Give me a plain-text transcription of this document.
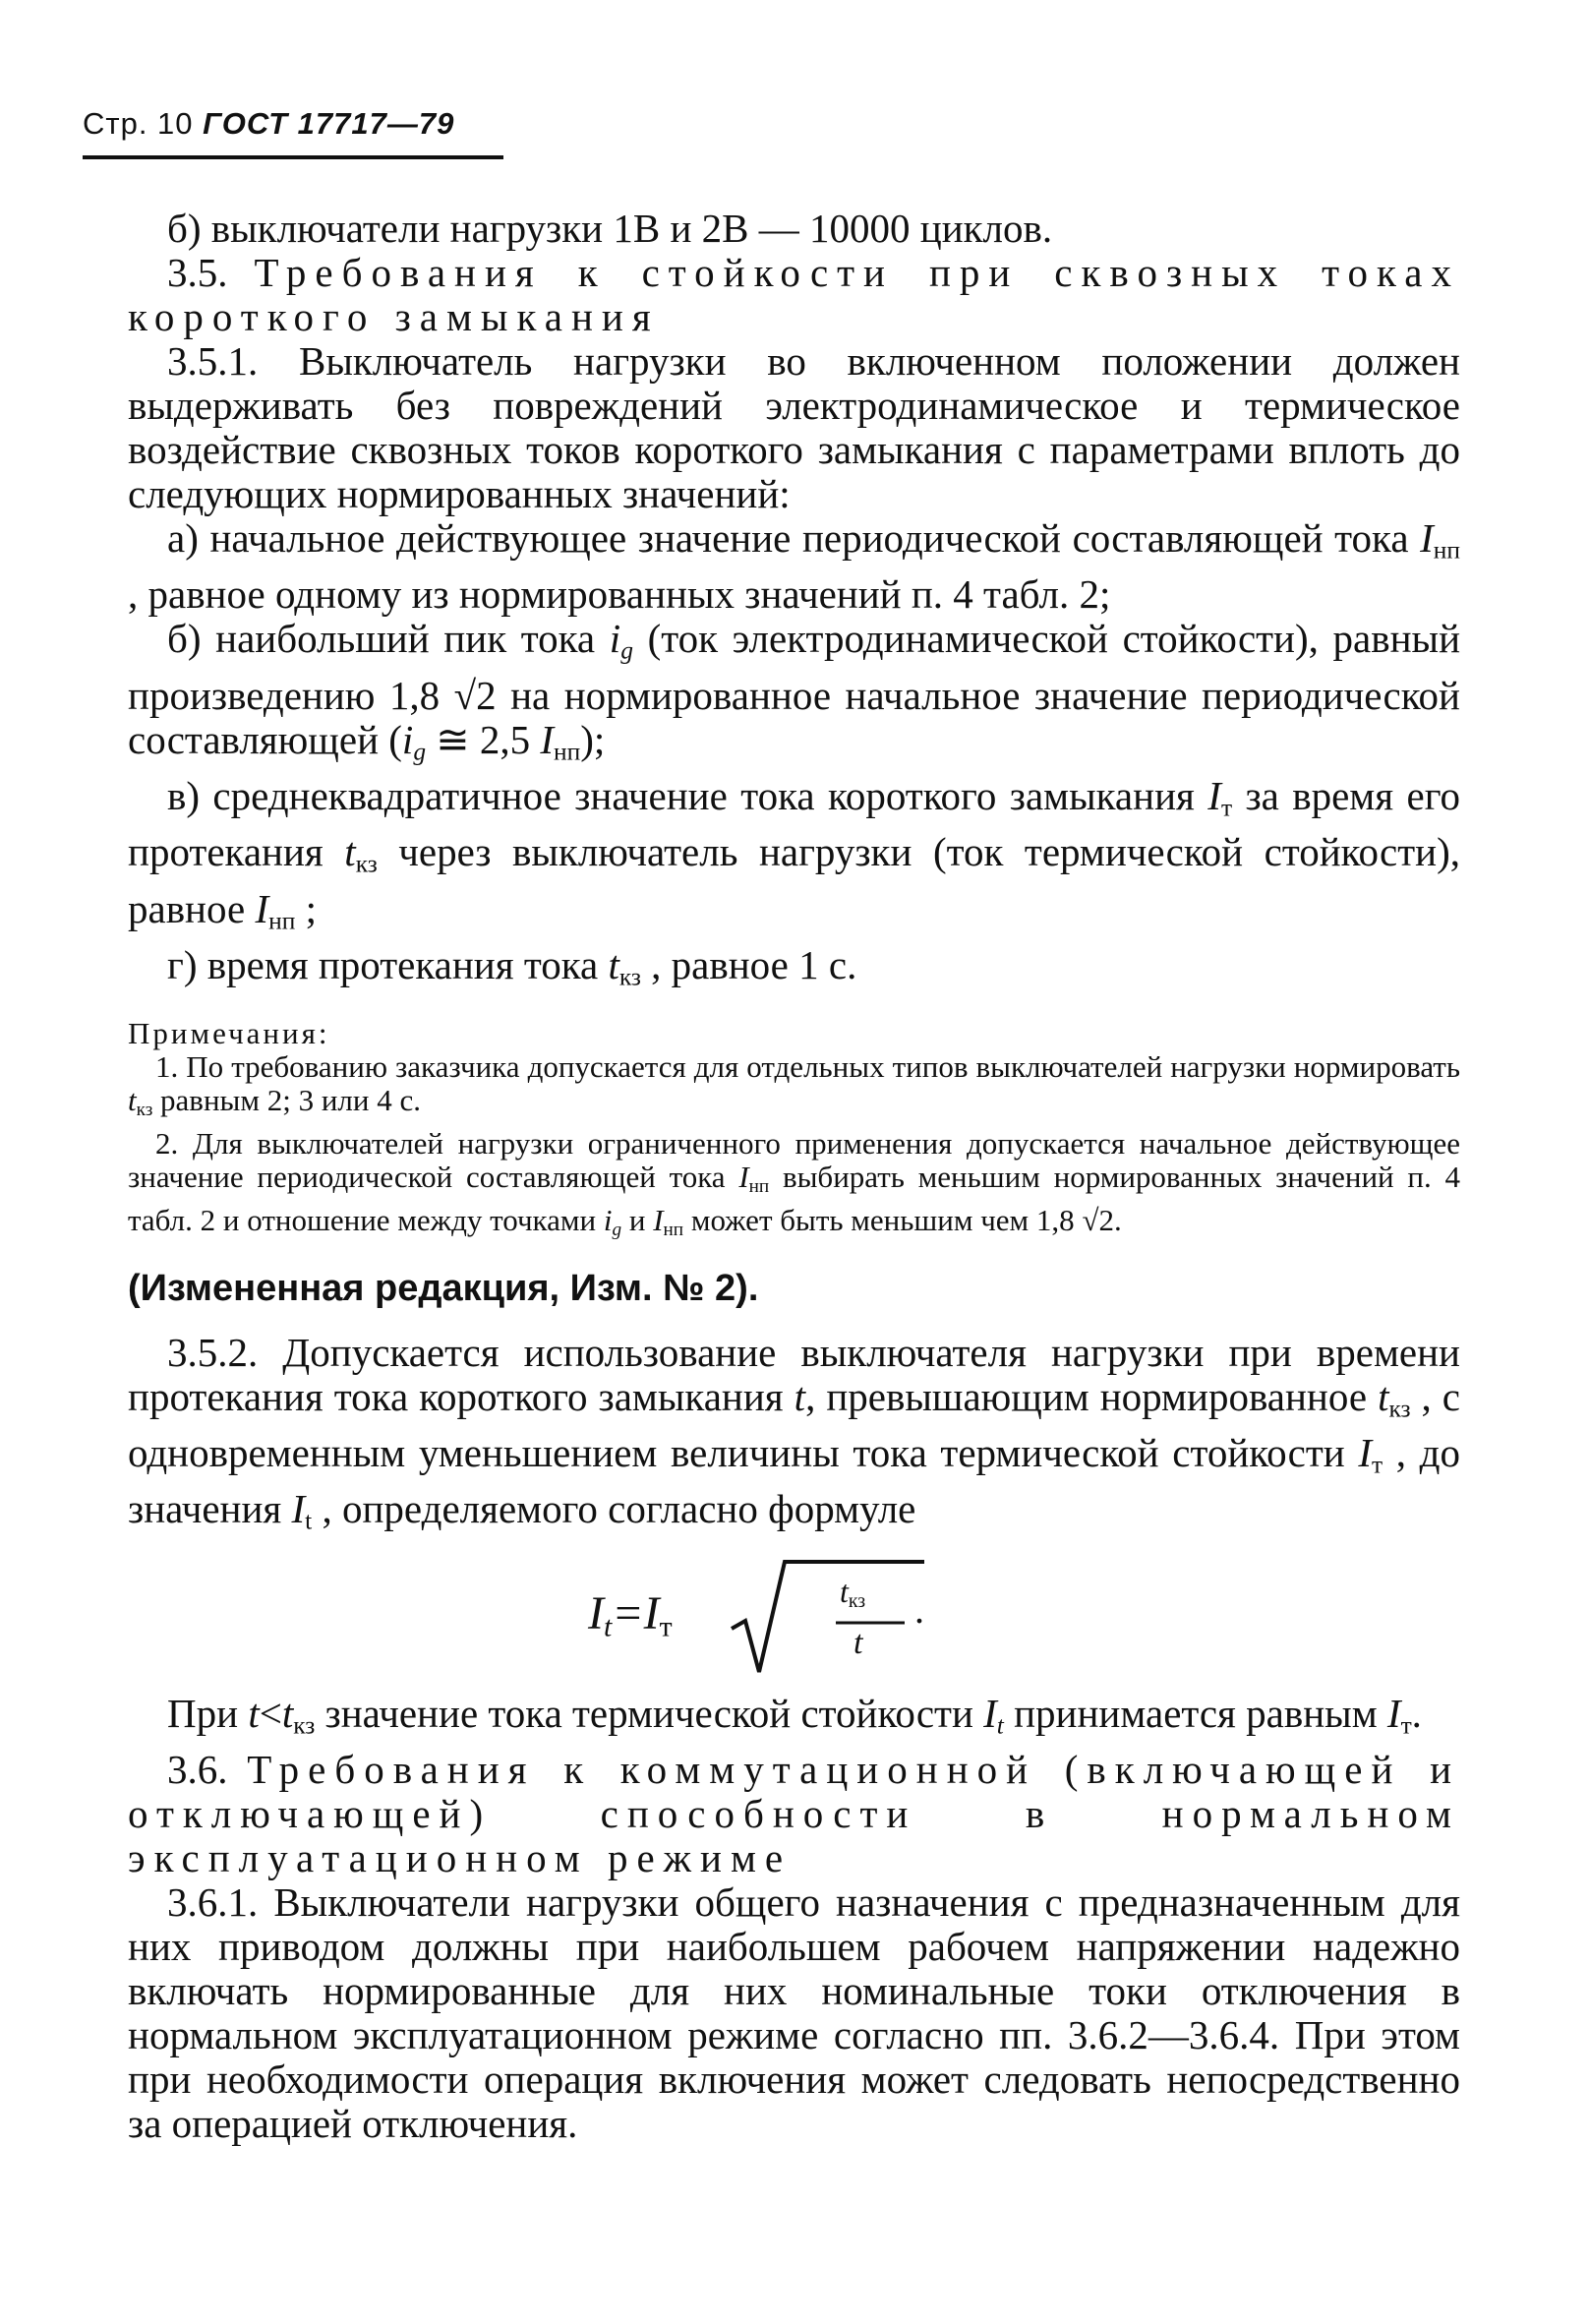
Стр. 10 ГОСТ 17717—79

б) выключатели нагрузки 1В и 2В — 10000 циклов.

3.5. Требования к стойкости при сквозных токах короткого замыкания

3.5.1. Выключатель нагрузки во включенном положении должен выдерживать без повреждений электродинамическое и термическое воздействие сквозных токов короткого замыкания с параметрами вплоть до следующих нормированных значений:

а) начальное действующее значение периодической составляющей тока $I_{нп}$ , равное одному из нормированных значений п. 4 табл. 2;

б) наибольший пик тока $i_g$ (ток электродинамической стойкости), равный произведению 1,8 √2 на нормированное начальное значение периодической составляющей ($i_g$ ≅ 2,5 $I_{нп}$);

в) среднеквадратичное значение тока короткого замыкания $I_т$ за время его протекания $t_{кз}$ через выключатель нагрузки (ток термической стойкости), равное $I_{нп}$ ;

г) время протекания тока $t_{кз}$ , равное 1 с.

Примечания:

1. По требованию заказчика допускается для отдельных типов выключателей нагрузки нормировать $t_{кз}$ равным 2; 3 или 4 с.

2. Для выключателей нагрузки ограниченного применения допускается начальное действующее значение периодической составляющей тока $I_{нп}$ выбирать меньшим нормированных значений п. 4 табл. 2 и отношение между точками $i_g$ и $I_{нп}$ может быть меньшим чем 1,8 √2.

(Измененная редакция, Изм. № 2).

3.5.2. Допускается использование выключателя нагрузки при времени протекания тока короткого замыкания t, превышающим нормированное $t_{кз}$ , с одновременным уменьшением величины тока термической стойкости $I_т$ , до значения $I_t$ , определяемого согласно формуле

$I_t=I_т$
$t_{кз}$
t
.

При $t<t_{кз}$ значение тока термической стойкости $I_t$ принимается равным $I_т$.

3.6. Требования к коммутационной (включающей и отключающей) способности в нормальном эксплуатационном режиме

3.6.1. Выключатели нагрузки общего назначения с предназначенным для них приводом должны при наибольшем рабочем напряжении надежно включать нормированные для них номинальные токи отключения в нормальном эксплуатационном режиме согласно пп. 3.6.2—3.6.4. При этом при необходимости операция включения может следовать непосредственно за операцией отключения.
